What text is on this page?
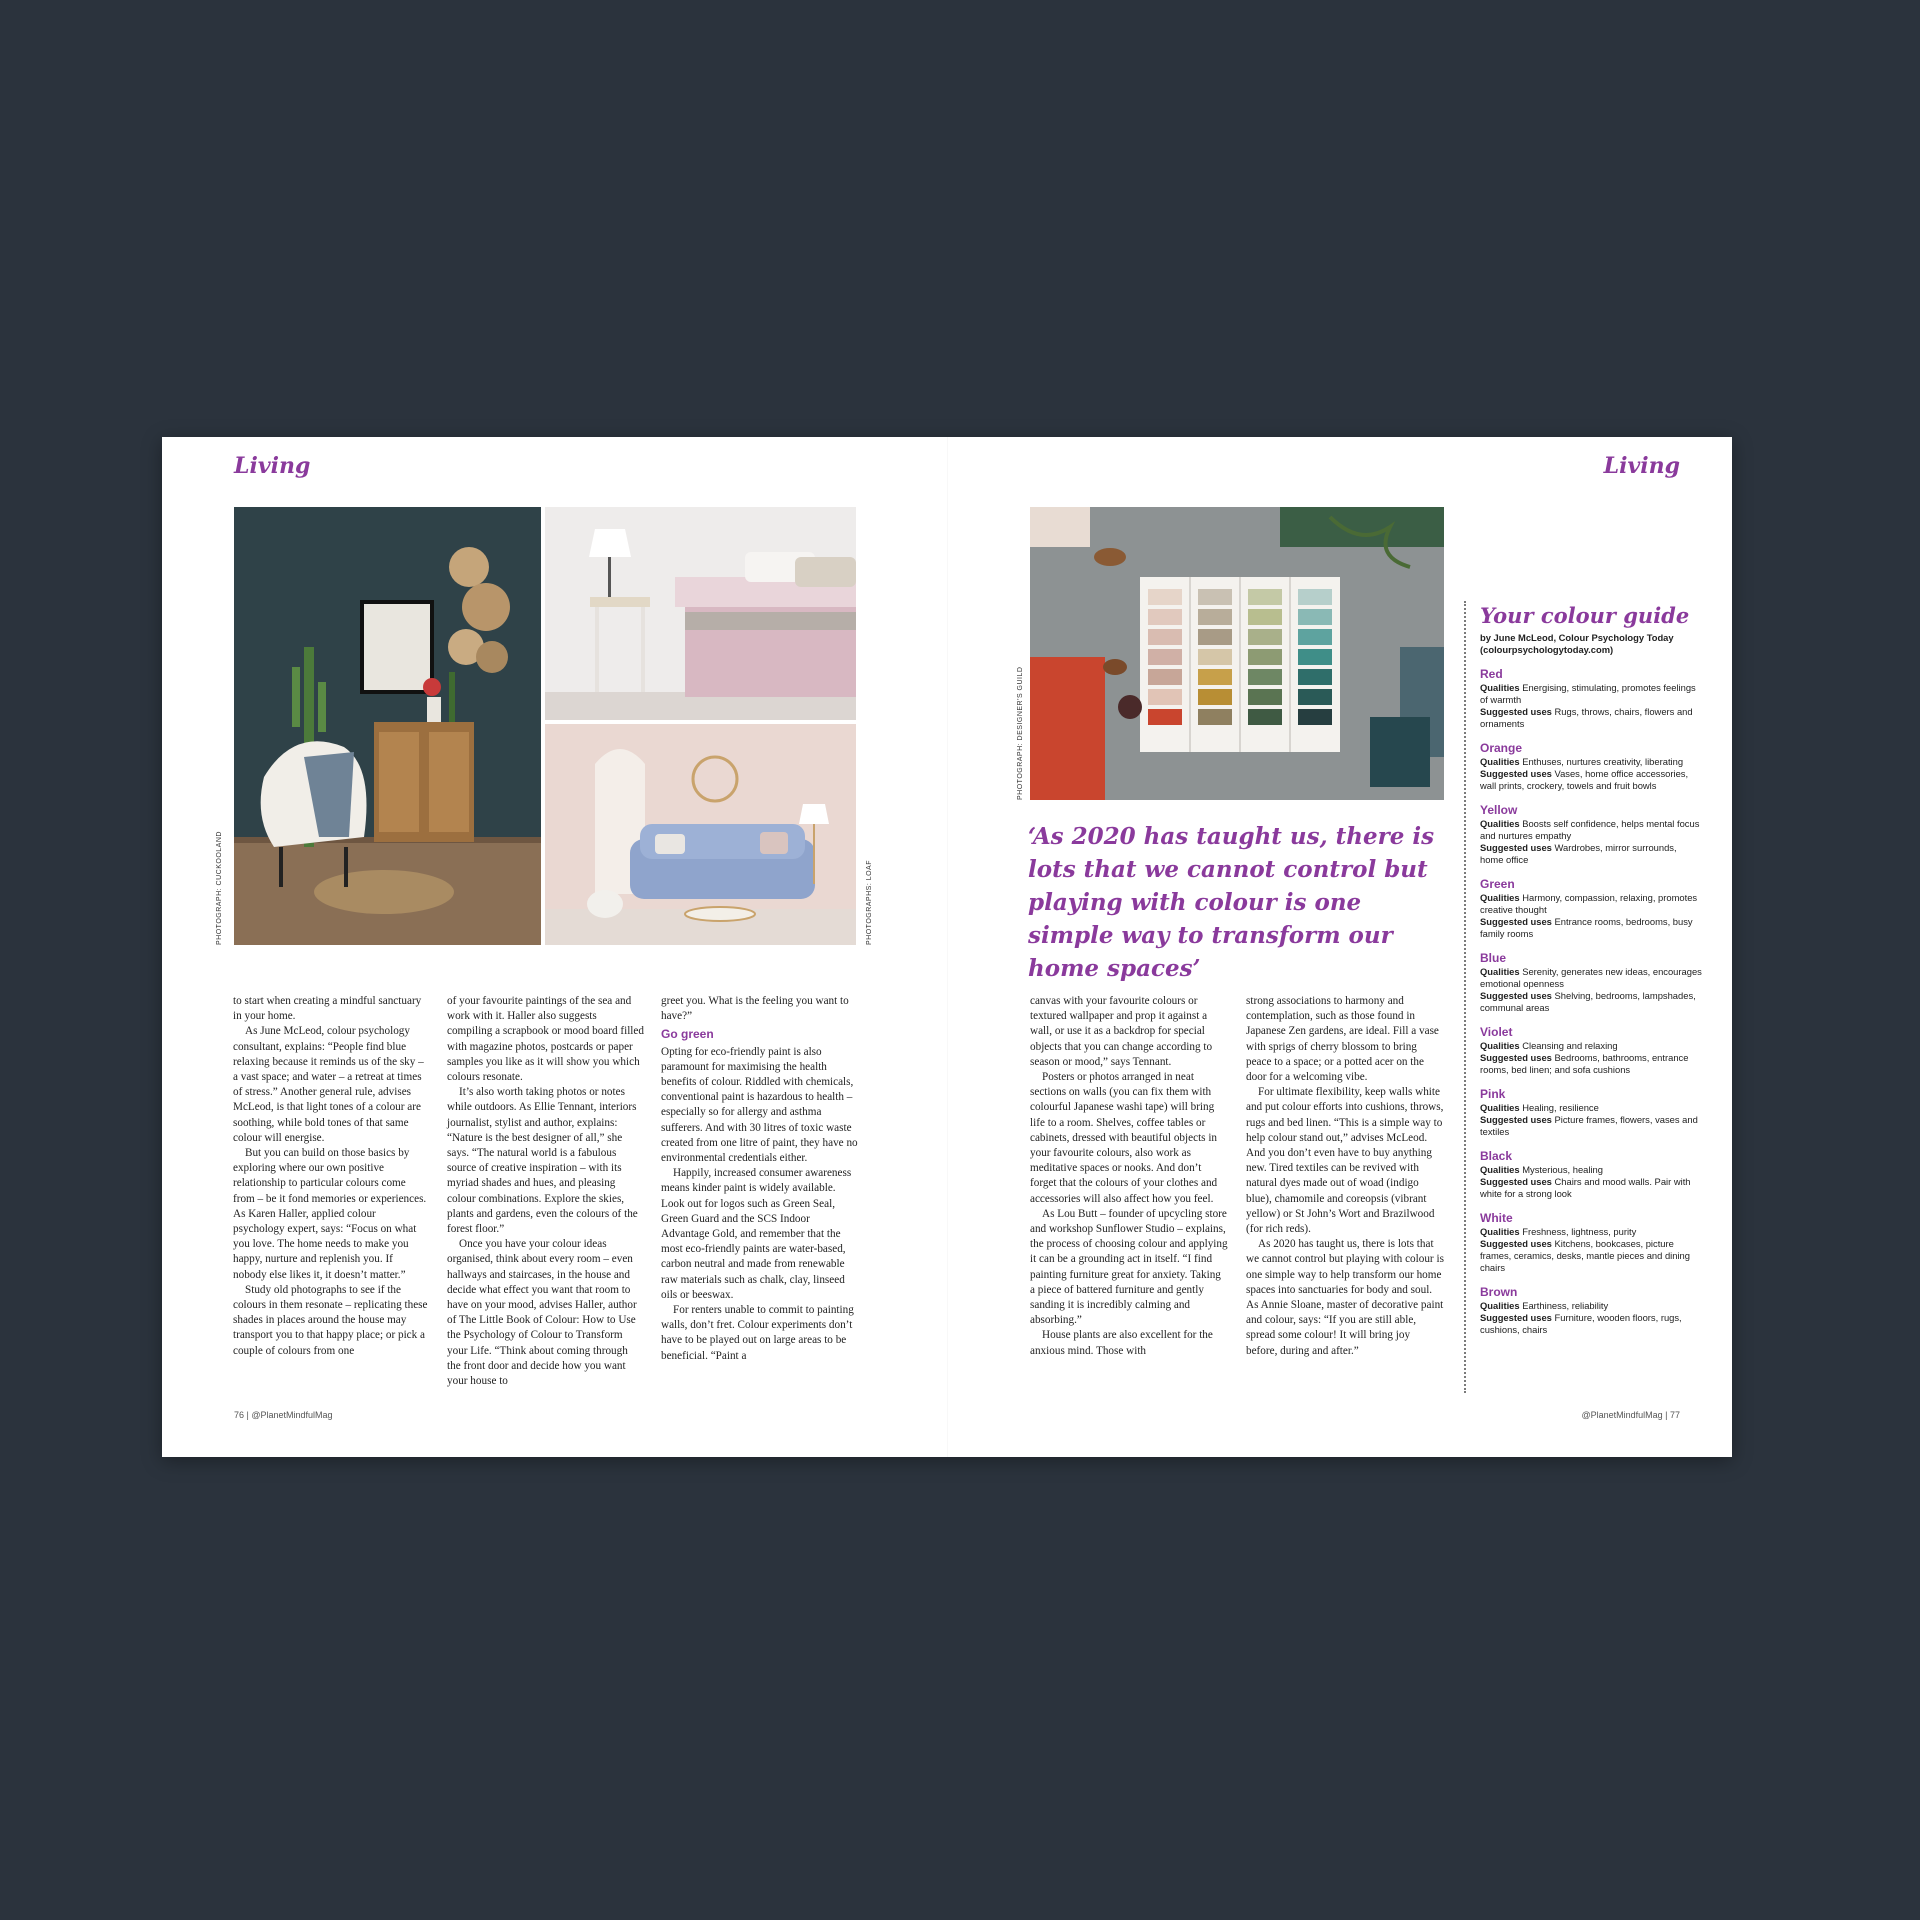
Living	Living
PHOTOGRAPH: CUCKOOLAND	PHOTOGRAPHS: LOAF

to start when creating a mindful sanctuary in your home.

As June McLeod, colour psychology consultant, explains: “People find blue relaxing because it reminds us of the sky – a vast space; and water – a retreat at times of stress.” Another general rule, advises McLeod, is that light tones of a colour are soothing, while bold tones of that same colour will energise.

But you can build on those basics by exploring where our own positive relationship to particular colours come from – be it fond memories or experiences. As Karen Haller, applied colour psychology expert, says: “Focus on what you love. The home needs to make you happy, nurture and replenish you. If nobody else likes it, it doesn’t matter.”

Study old photographs to see if the colours in them resonate – replicating these shades in places around the house may transport you to that happy place; or pick a couple of colours from one

of your favourite paintings of the sea and work with it. Haller also suggests compiling a scrapbook or mood board filled with magazine photos, postcards or paper samples you like as it will show you which colours resonate.

It’s also worth taking photos or notes while outdoors. As Ellie Tennant, interiors journalist, stylist and author, explains: “Nature is the best designer of all,” she says. “The natural world is a fabulous source of creative inspiration – with its myriad shades and hues, and pleasing colour combinations. Explore the skies, plants and gardens, even the colours of the forest floor.”

Once you have your colour ideas organised, think about every room – even hallways and staircases, in the house and decide what effect you want that room to have on your mood, advises Haller, author of The Little Book of Colour: How to Use the Psychology of Colour to Transform your Life. “Think about coming through the front door and decide how you want your house to

greet you. What is the feeling you want to have?”

Go green

Opting for eco-friendly paint is also paramount for maximising the health benefits of colour. Riddled with chemicals, conventional paint is hazardous to health – especially so for allergy and asthma sufferers. And with 30 litres of toxic waste created from one litre of paint, they have no environmental credentials either.

Happily, increased consumer awareness means kinder paint is widely available. Look out for logos such as Green Seal, Green Guard and the SCS Indoor Advantage Gold, and remember that the most eco-friendly paints are water-based, carbon neutral and made from renewable raw materials such as chalk, clay, linseed oils or beeswax.

For renters unable to commit to painting walls, don’t fret. Colour experiments don’t have to be played out on large areas to be beneficial. “Paint a

76 | @PlanetMindfulMag
PHOTOGRAPH: DESIGNER'S GUILD
‘As 2020 has taught us, there is lots that we cannot control but playing with colour is one simple way to transform our home spaces’

canvas with your favourite colours or textured wallpaper and prop it against a wall, or use it as a backdrop for special objects that you can change according to season or mood,” says Tennant.

Posters or photos arranged in neat sections on walls (you can fix them with colourful Japanese washi tape) will bring life to a room. Shelves, coffee tables or cabinets, dressed with beautiful objects in your favourite colours, also work as meditative spaces or nooks. And don’t forget that the colours of your clothes and accessories will also affect how you feel.

As Lou Butt – founder of upcycling store and workshop Sunflower Studio – explains, the process of choosing colour and applying it can be a grounding act in itself. “I find painting furniture great for anxiety. Taking a piece of battered furniture and gently sanding it is incredibly calming and absorbing.”

House plants are also excellent for the anxious mind. Those with

strong associations to harmony and contemplation, such as those found in Japanese Zen gardens, are ideal. Fill a vase with sprigs of cherry blossom to bring peace to a space; or a potted acer on the door for a welcoming vibe.

For ultimate flexibility, keep walls white and put colour efforts into cushions, throws, rugs and bed linen. “This is a simple way to help colour stand out,” advises McLeod. And you don’t even have to buy anything new. Tired textiles can be revived with natural dyes made out of woad (indigo blue), chamomile and coreopsis (vibrant yellow) or St John’s Wort and Brazilwood (for rich reds).

As 2020 has taught us, there is lots that we cannot control but playing with colour is one simple way to help transform our home spaces into sanctuaries for body and soul. As Annie Sloane, master of decorative paint and colour, says: “If you are still able, spread some colour! It will bring joy before, during and after.”

Your colour guide
by June McLeod, Colour Psychology Today (colourpsychologytoday.com)
Red
Qualities Energising, stimulating, promotes feelings of warmth
Suggested uses Rugs, throws, chairs, flowers and ornaments
Orange
Qualities Enthuses, nurtures creativity, liberating
Suggested uses Vases, home office accessories, wall prints, crockery, towels and fruit bowls
Yellow
Qualities Boosts self confidence, helps mental focus and nurtures empathy
Suggested uses Wardrobes, mirror surrounds, home office
Green
Qualities Harmony, compassion, relaxing, promotes creative thought
Suggested uses Entrance rooms, bedrooms, busy family rooms
Blue
Qualities Serenity, generates new ideas, encourages emotional openness
Suggested uses Shelving, bedrooms, lampshades, communal areas
Violet
Qualities Cleansing and relaxing
Suggested uses Bedrooms, bathrooms, entrance rooms, bed linen; and sofa cushions
Pink
Qualities Healing, resilience
Suggested uses Picture frames, flowers, vases and textiles
Black
Qualities Mysterious, healing
Suggested uses Chairs and mood walls. Pair with white for a strong look
White
Qualities Freshness, lightness, purity
Suggested uses Kitchens, bookcases, picture frames, ceramics, desks, mantle pieces and dining chairs
Brown
Qualities Earthiness, reliability
Suggested uses Furniture, wooden floors, rugs, cushions, chairs
@PlanetMindfulMag | 77
